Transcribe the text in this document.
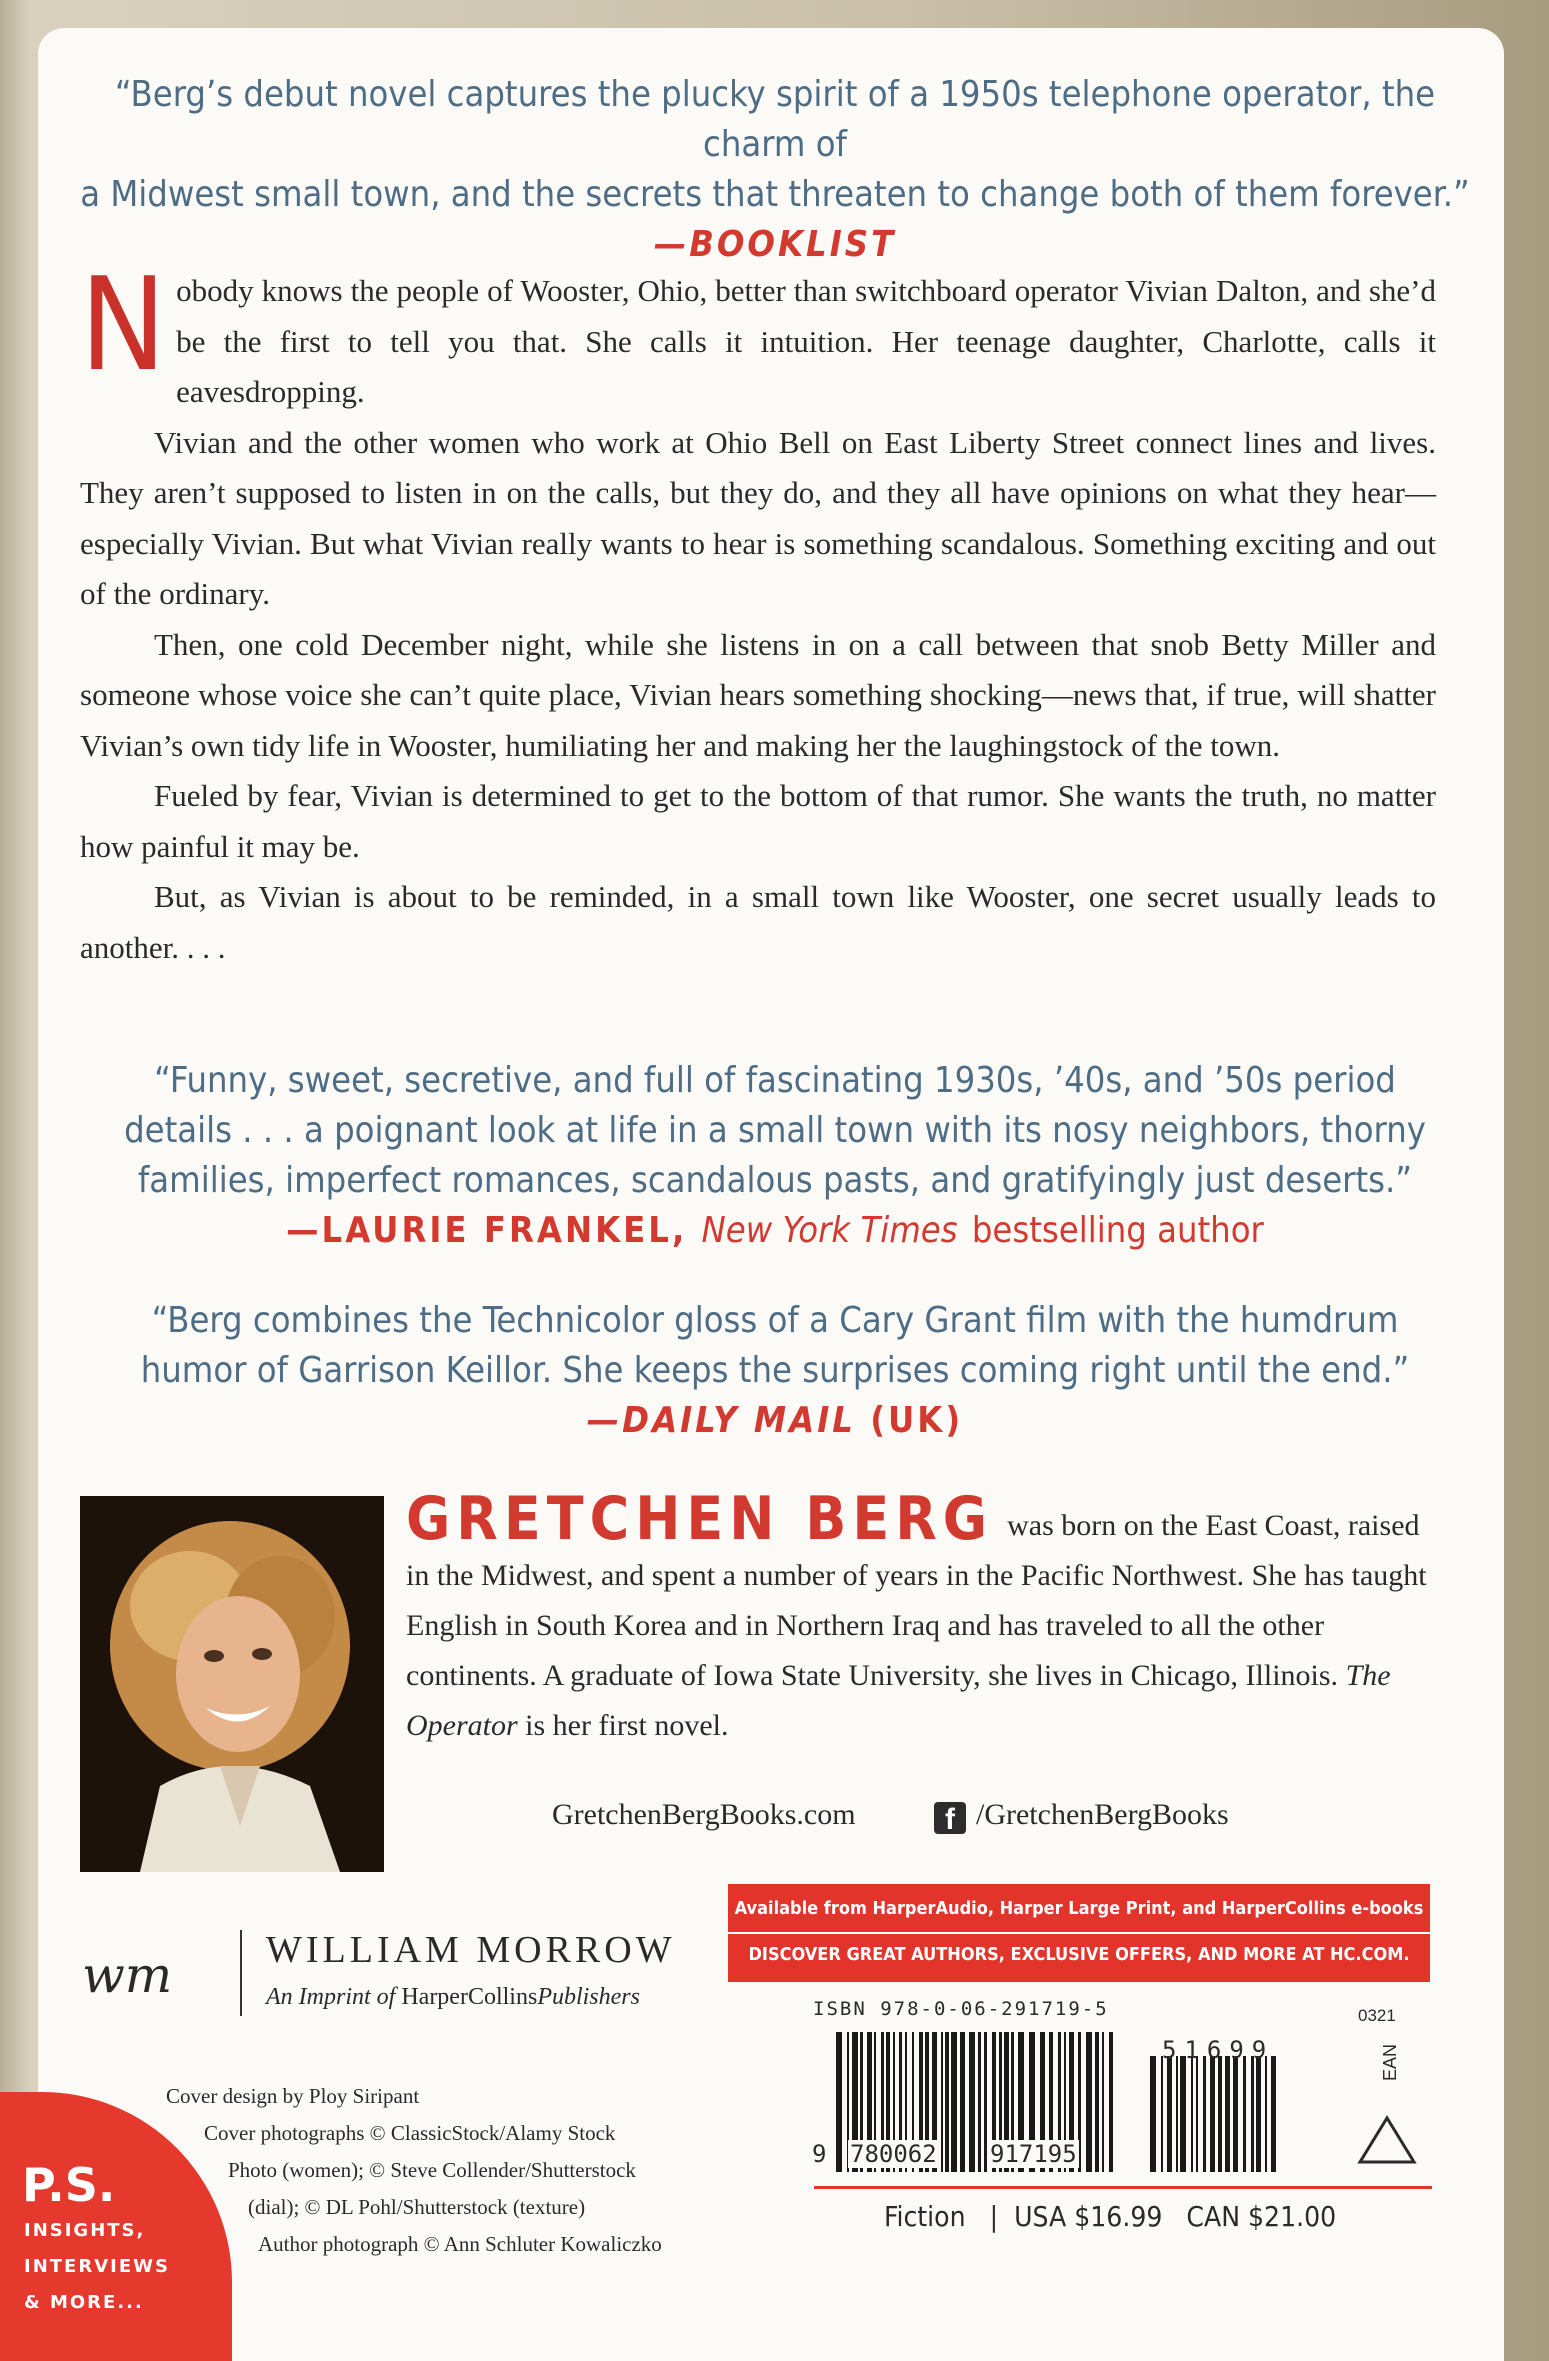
“Berg’s debut novel captures the plucky spirit of a 1950s telephone operator, the charm of
a Midwest small town, and the secrets that threaten to change both of them forever.”
—BOOKLIST

Nobody knows the people of Wooster, Ohio, better than switchboard operator Vivian Dalton, and she’d be the first to tell you that. She calls it intuition. Her teenage daughter, Charlotte, calls it eavesdropping.

Vivian and the other women who work at Ohio Bell on East Liberty Street connect lines and lives. They aren’t supposed to listen in on the calls, but they do, and they all have opinions on what they hear—especially Vivian. But what Vivian really wants to hear is something scandalous. Something exciting and out of the ordinary.

Then, one cold December night, while she listens in on a call between that snob Betty Miller and someone whose voice she can’t quite place, Vivian hears something shocking—news that, if true, will shatter Vivian’s own tidy life in Wooster, humiliating her and making her the laughingstock of the town.

Fueled by fear, Vivian is determined to get to the bottom of that rumor. She wants the truth, no matter how painful it may be.

But, as Vivian is about to be reminded, in a small town like Wooster, one secret usually leads to another. . . .

“Funny, sweet, secretive, and full of fascinating 1930s, ’40s, and ’50s period
details . . . a poignant look at life in a small town with its nosy neighbors, thorny
families, imperfect romances, scandalous pasts, and gratifyingly just deserts.”
—LAURIE FRANKEL, New York Times bestselling author
“Berg combines the Technicolor gloss of a Cary Grant film with the humdrum
humor of Garrison Keillor. She keeps the surprises coming right until the end.”
—DAILY MAIL (UK)
GRETCHEN BERG was born on the East Coast, raised in the Midwest, and spent a number of years in the Pacific Northwest. She has taught English in South Korea and in Northern Iraq and has traveled to all the other continents. A graduate of Iowa State University, she lives in Chicago, Illinois. The Operator is her first novel.
GretchenBergBooks.com	f /GretchenBergBooks
wm WILLIAM MORROW
An Imprint of HarperCollinsPublishers
Cover design by Ploy Siripant
Cover photographs © ClassicStock/Alamy Stock
Photo (women); © Steve Collender/Shutterstock
(dial); © DL Pohl/Shutterstock (texture)
Author photograph © Ann Schluter Kowaliczko
P.S.
INSIGHTS,
INTERVIEWS
& MORE...
Available from HarperAudio, Harper Large Print, and HarperCollins e-books
DISCOVER GREAT AUTHORS, EXCLUSIVE OFFERS, AND MORE AT HC.COM.
ISBN 978-0-06-291719-5	0321
9 780062 917195
51699	EAN
Fiction | USA $16.99 CAN $21.00
